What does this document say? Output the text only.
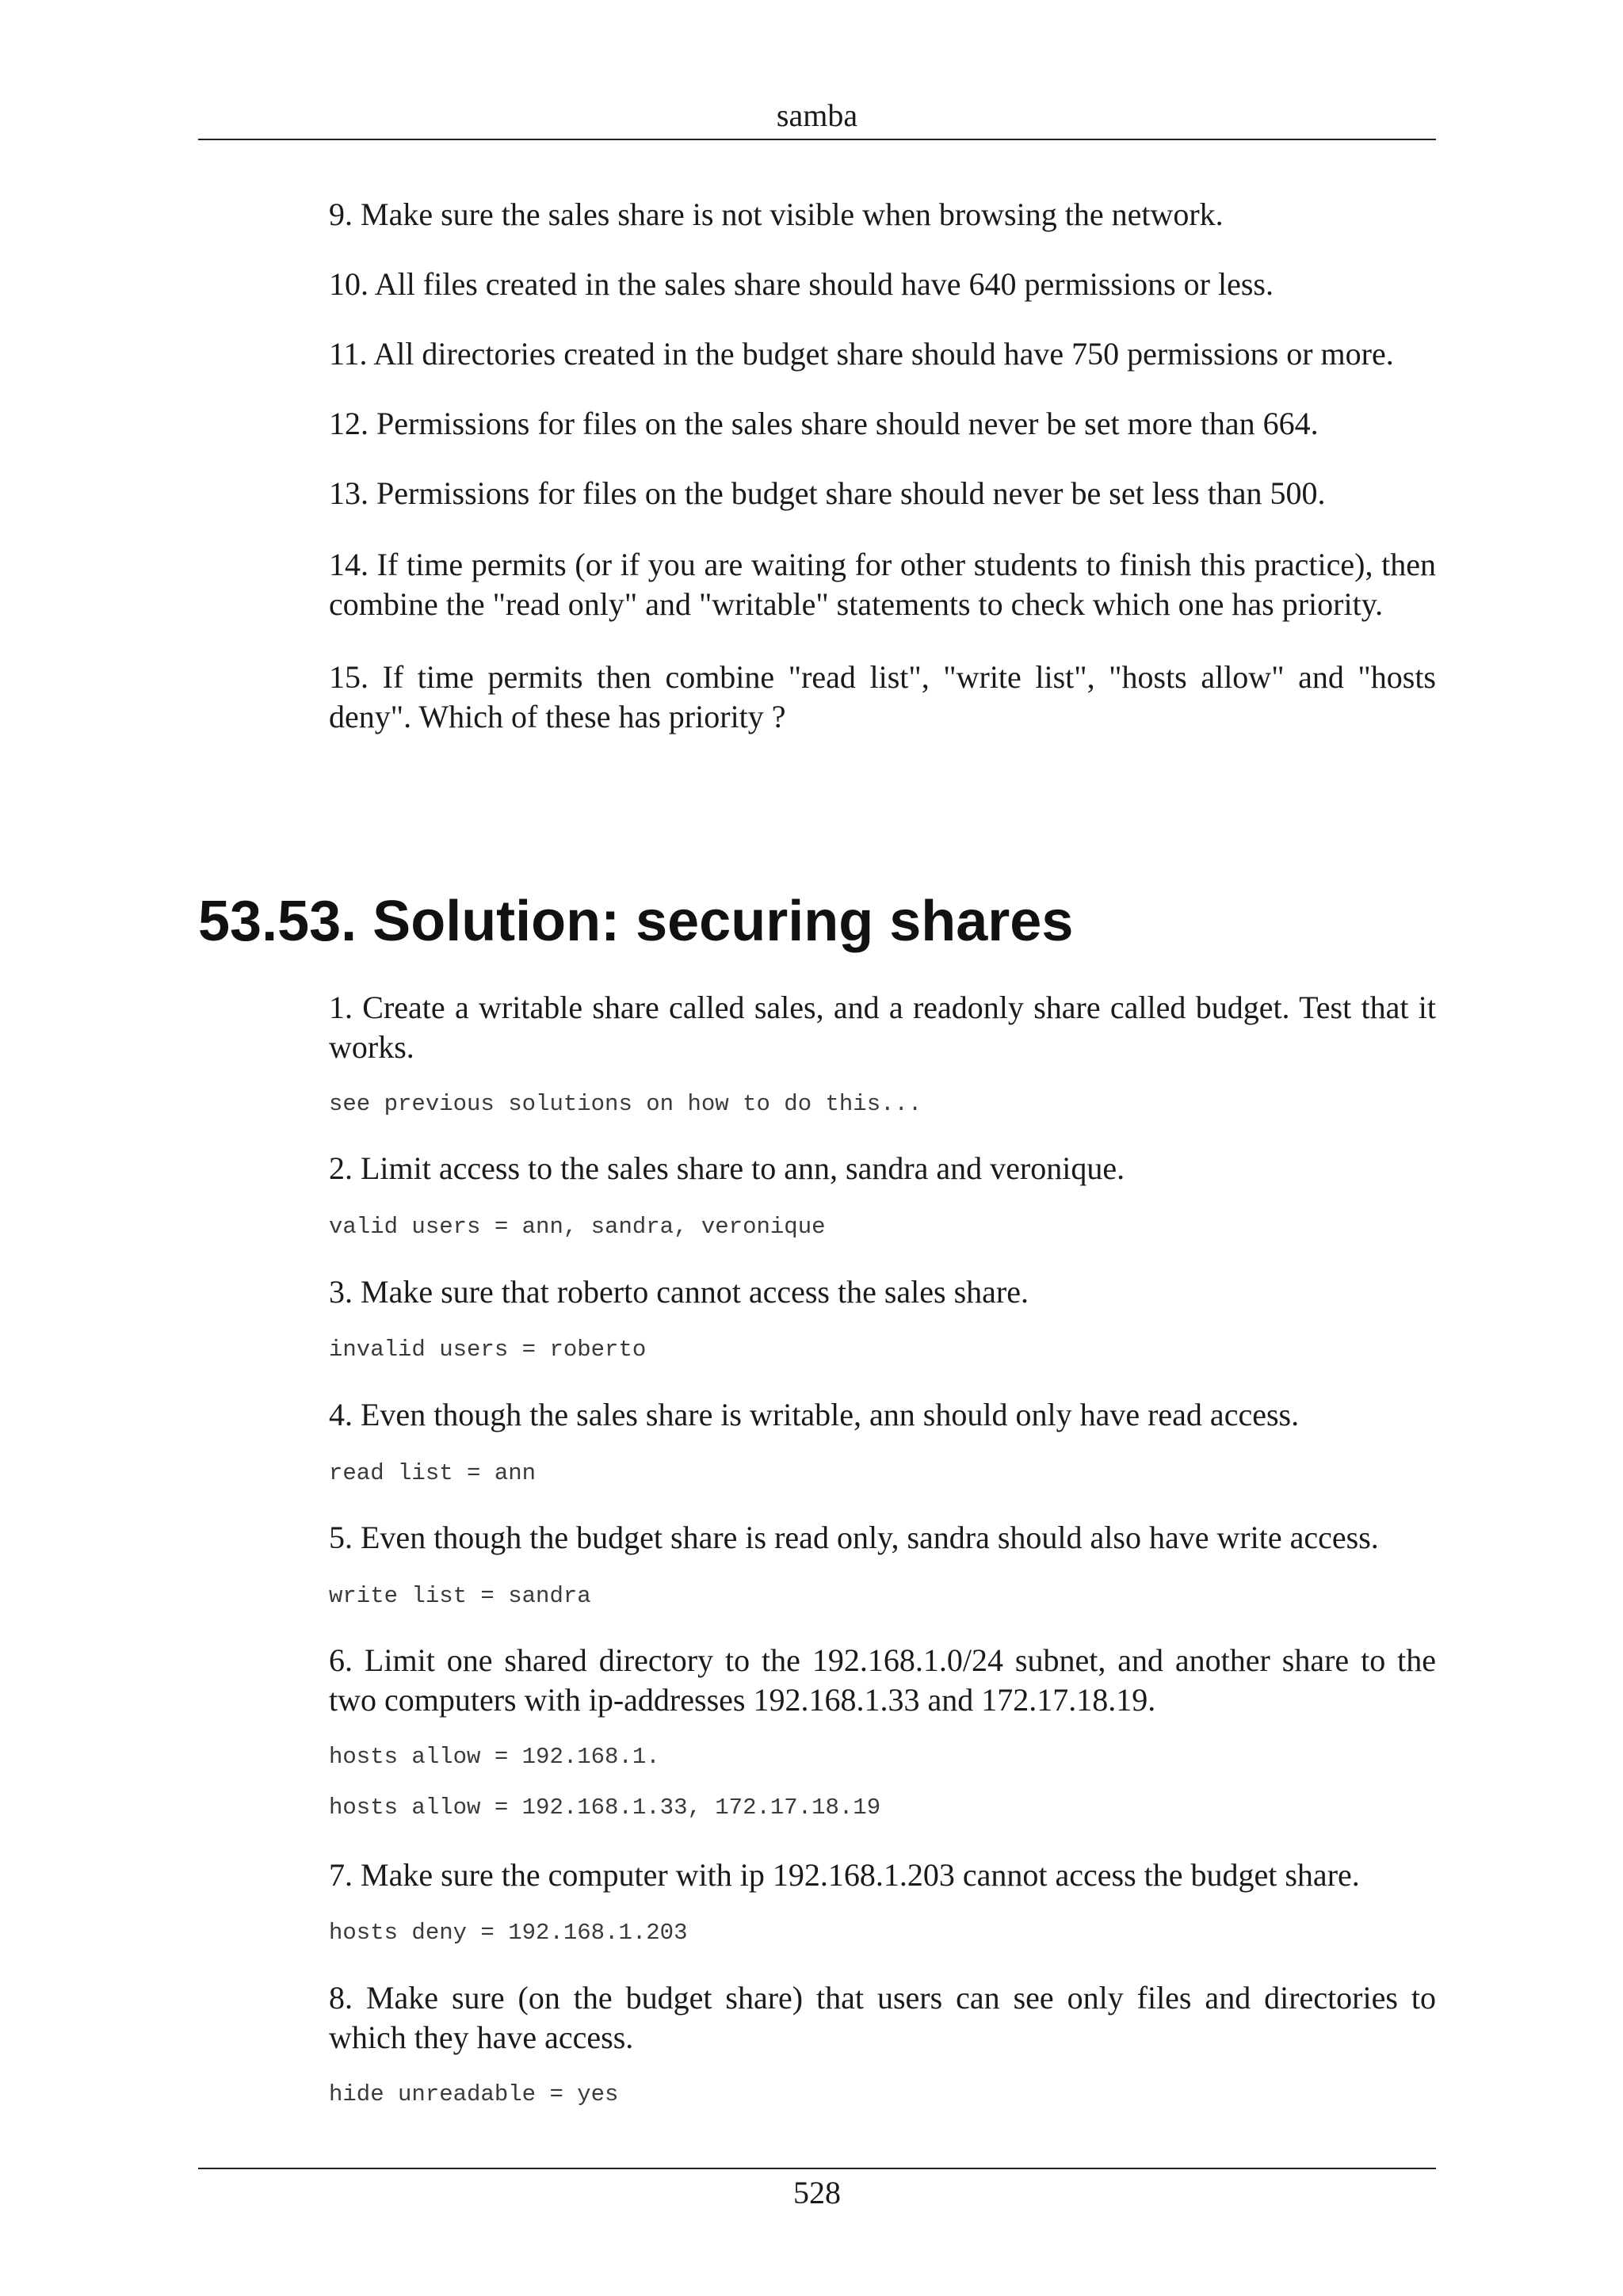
samba

9. Make sure the sales share is not visible when browsing the network.

10. All files created in the sales share should have 640 permissions or less.

11. All directories created in the budget share should have 750 permissions or more.

12. Permissions for files on the sales share should never be set more than 664.

13. Permissions for files on the budget share should never be set less than 500.

14. If time permits (or if you are waiting for other students to finish this practice), then combine the "read only" and "writable" statements to check which one has priority.

15. If time permits then combine "read list", "write list", "hosts allow" and "hosts deny". Which of these has priority ?

53.53. Solution: securing shares

1. Create a writable share called sales, and a readonly share called budget. Test that it works.

see previous solutions on how to do this...

2. Limit access to the sales share to ann, sandra and veronique.

valid users = ann, sandra, veronique

3. Make sure that roberto cannot access the sales share.

invalid users = roberto

4. Even though the sales share is writable, ann should only have read access.

read list = ann

5. Even though the budget share is read only, sandra should also have write access.

write list = sandra

6. Limit one shared directory to the 192.168.1.0/24 subnet, and another share to the two computers with ip-addresses 192.168.1.33 and 172.17.18.19.

hosts allow = 192.168.1.
hosts allow = 192.168.1.33, 172.17.18.19

7. Make sure the computer with ip 192.168.1.203 cannot access the budget share.

hosts deny = 192.168.1.203

8. Make sure (on the budget share) that users can see only files and directories to which they have access.

hide unreadable = yes
528
